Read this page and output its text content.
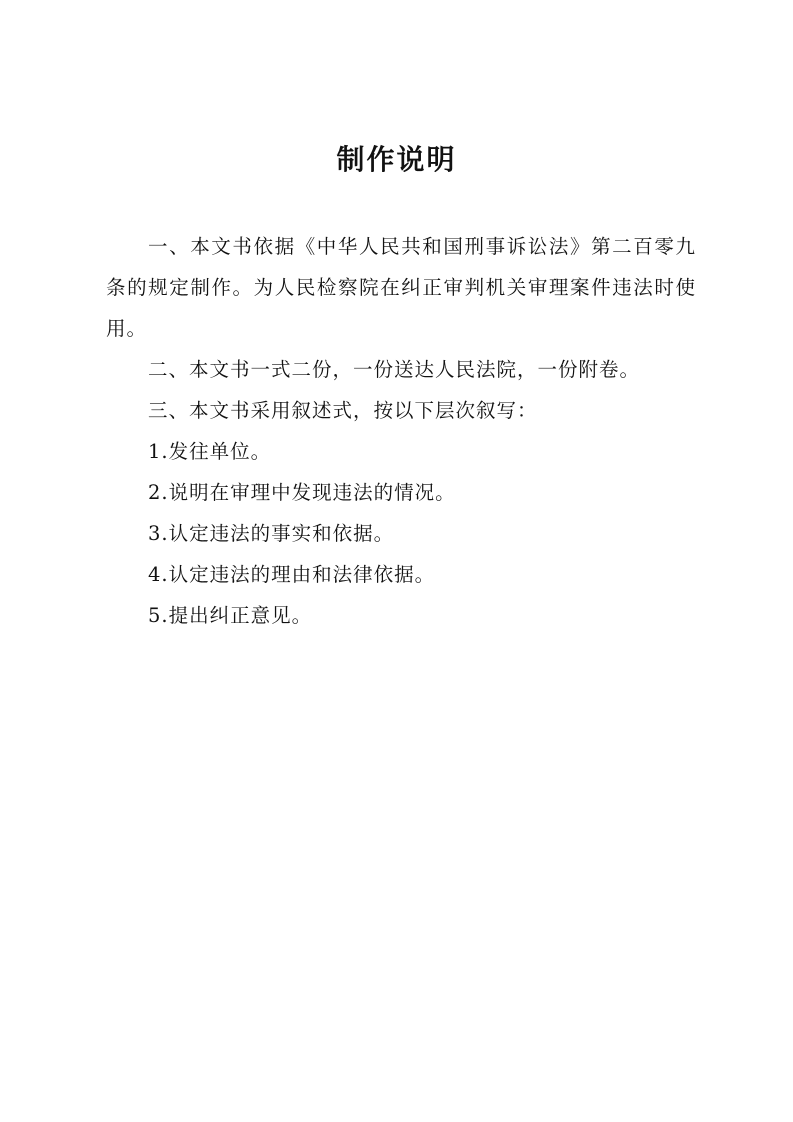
制作说明

一、本文书依据《中华人民共和国刑事诉讼法》第二百零九条的规定制作。为人民检察院在纠正审判机关审理案件违法时使用。

二、本文书一式二份，一份送达人民法院，一份附卷。

三、本文书采用叙述式，按以下层次叙写：

1.发往单位。

2.说明在审理中发现违法的情况。

3.认定违法的事实和依据。

4.认定违法的理由和法律依据。

5.提出纠正意见。
